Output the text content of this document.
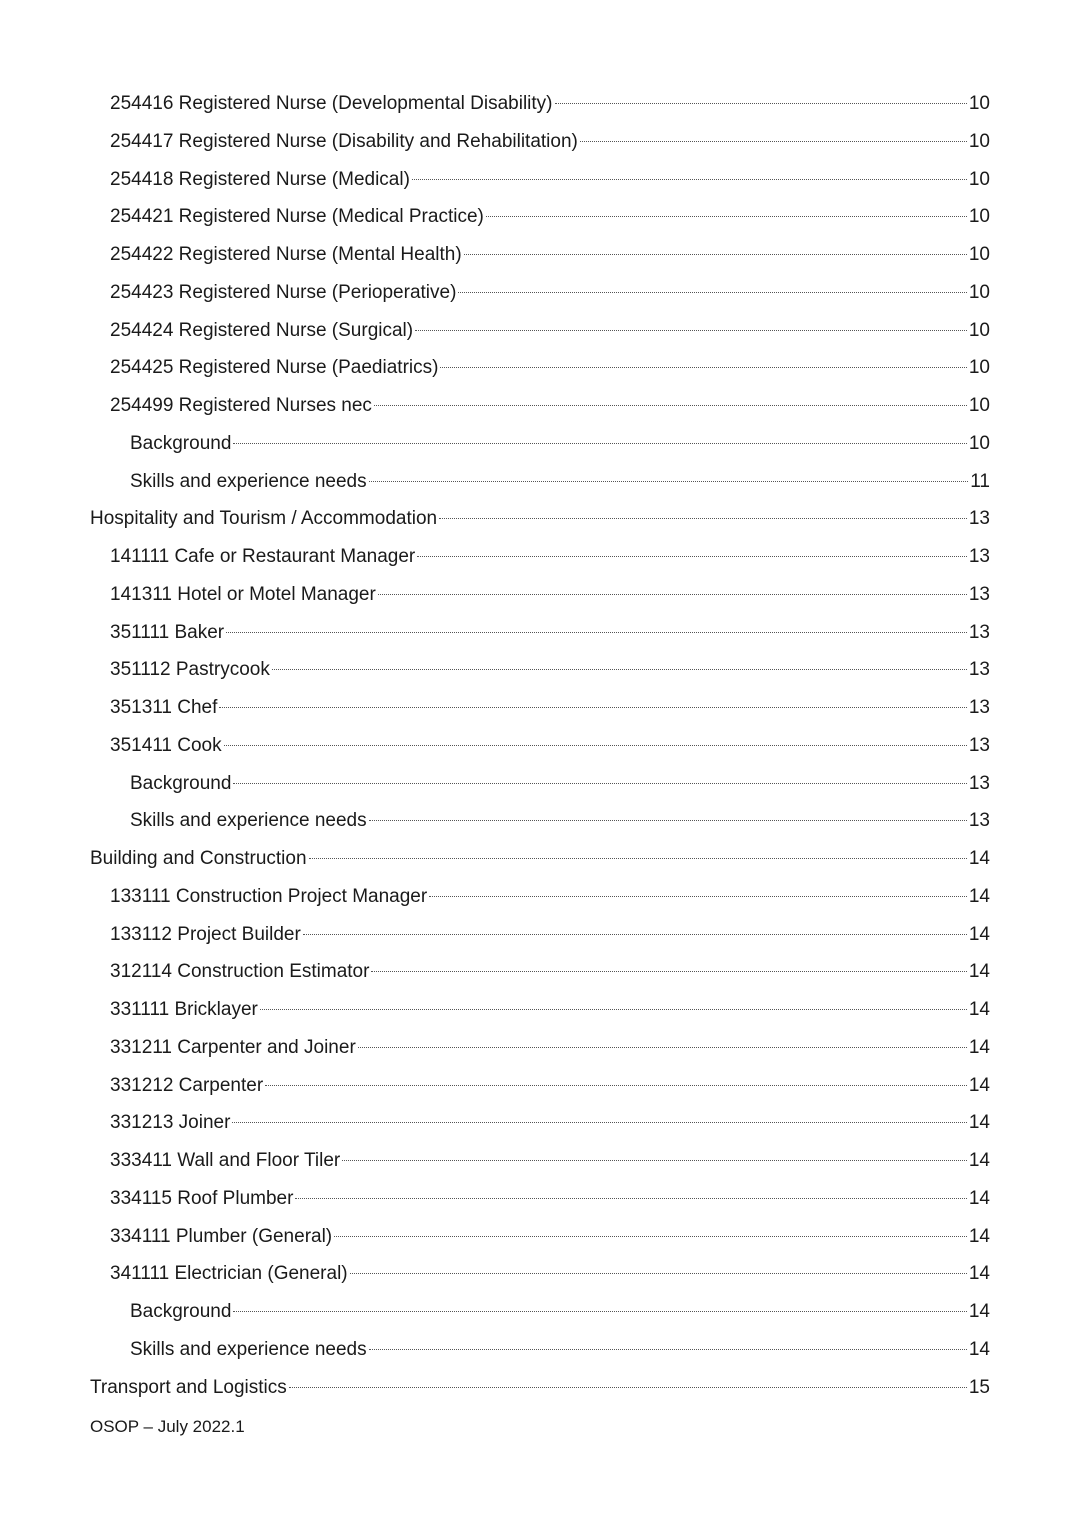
254416 Registered Nurse (Developmental Disability)	10
254417 Registered Nurse (Disability and Rehabilitation)	10
254418 Registered Nurse (Medical)	10
254421 Registered Nurse (Medical Practice)	10
254422 Registered Nurse (Mental Health)	10
254423 Registered Nurse (Perioperative)	10
254424 Registered Nurse (Surgical)	10
254425 Registered Nurse (Paediatrics)	10
254499 Registered Nurses nec	10
Background	10
Skills and experience needs	11
Hospitality and Tourism / Accommodation	13
141111 Cafe or Restaurant Manager	13
141311 Hotel or Motel Manager	13
351111 Baker	13
351112 Pastrycook	13
351311 Chef	13
351411 Cook	13
Background	13
Skills and experience needs	13
Building and Construction	14
133111 Construction Project Manager	14
133112 Project Builder	14
312114 Construction Estimator	14
331111 Bricklayer	14
331211 Carpenter and Joiner	14
331212 Carpenter	14
331213 Joiner	14
333411 Wall and Floor Tiler	14
334115 Roof Plumber	14
334111 Plumber (General)	14
341111 Electrician (General)	14
Background	14
Skills and experience needs	14
Transport and Logistics	15
OSOP – July 2022.1
